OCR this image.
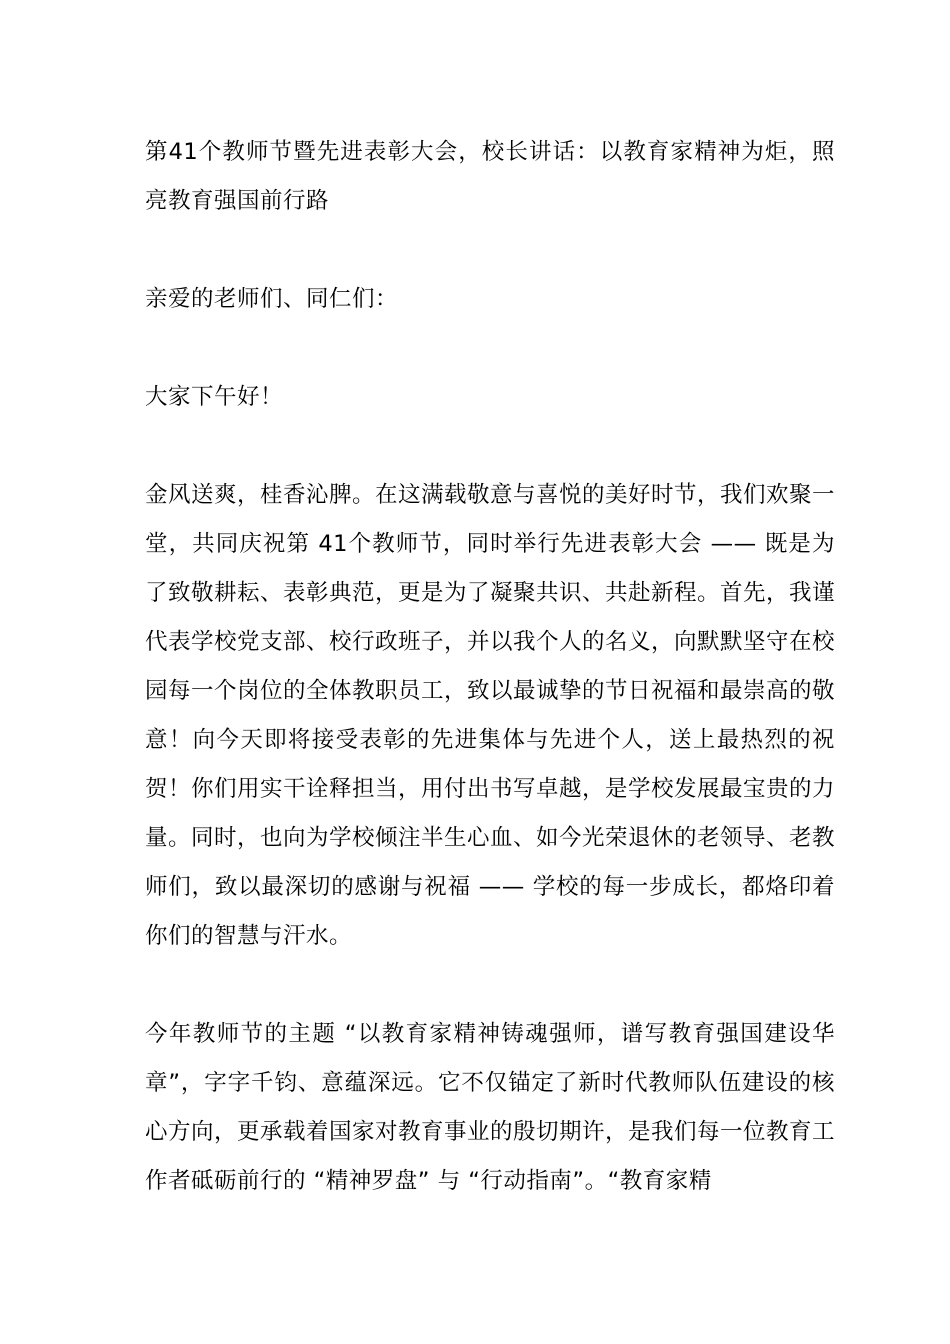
第41个教师节暨先进表彰大会，校长讲话：以教育家精神为炬，照亮教育强国前行路

亲爱的老师们、同仁们：

大家下午好！

金风送爽，桂香沁脾。在这满载敬意与喜悦的美好时节，我们欢聚一堂，共同庆祝第 41个教师节，同时举行先进表彰大会 —— 既是为了致敬耕耘、表彰典范，更是为了凝聚共识、共赴新程。首先，我谨代表学校党支部、校行政班子，并以我个人的名义，向默默坚守在校园每一个岗位的全体教职员工，致以最诚挚的节日祝福和最崇高的敬意！向今天即将接受表彰的先进集体与先进个人，送上最热烈的祝贺！你们用实干诠释担当，用付出书写卓越，是学校发展最宝贵的力量。同时，也向为学校倾注半生心血、如今光荣退休的老领导、老教师们，致以最深切的感谢与祝福 —— 学校的每一步成长，都烙印着你们的智慧与汗水。

今年教师节的主题 “以教育家精神铸魂强师，谱写教育强国建设华章”，字字千钧、意蕴深远。它不仅锚定了新时代教师队伍建设的核心方向，更承载着国家对教育事业的殷切期许，是我们每一位教育工作者砥砺前行的 “精神罗盘” 与 “行动指南”。“教育家精
